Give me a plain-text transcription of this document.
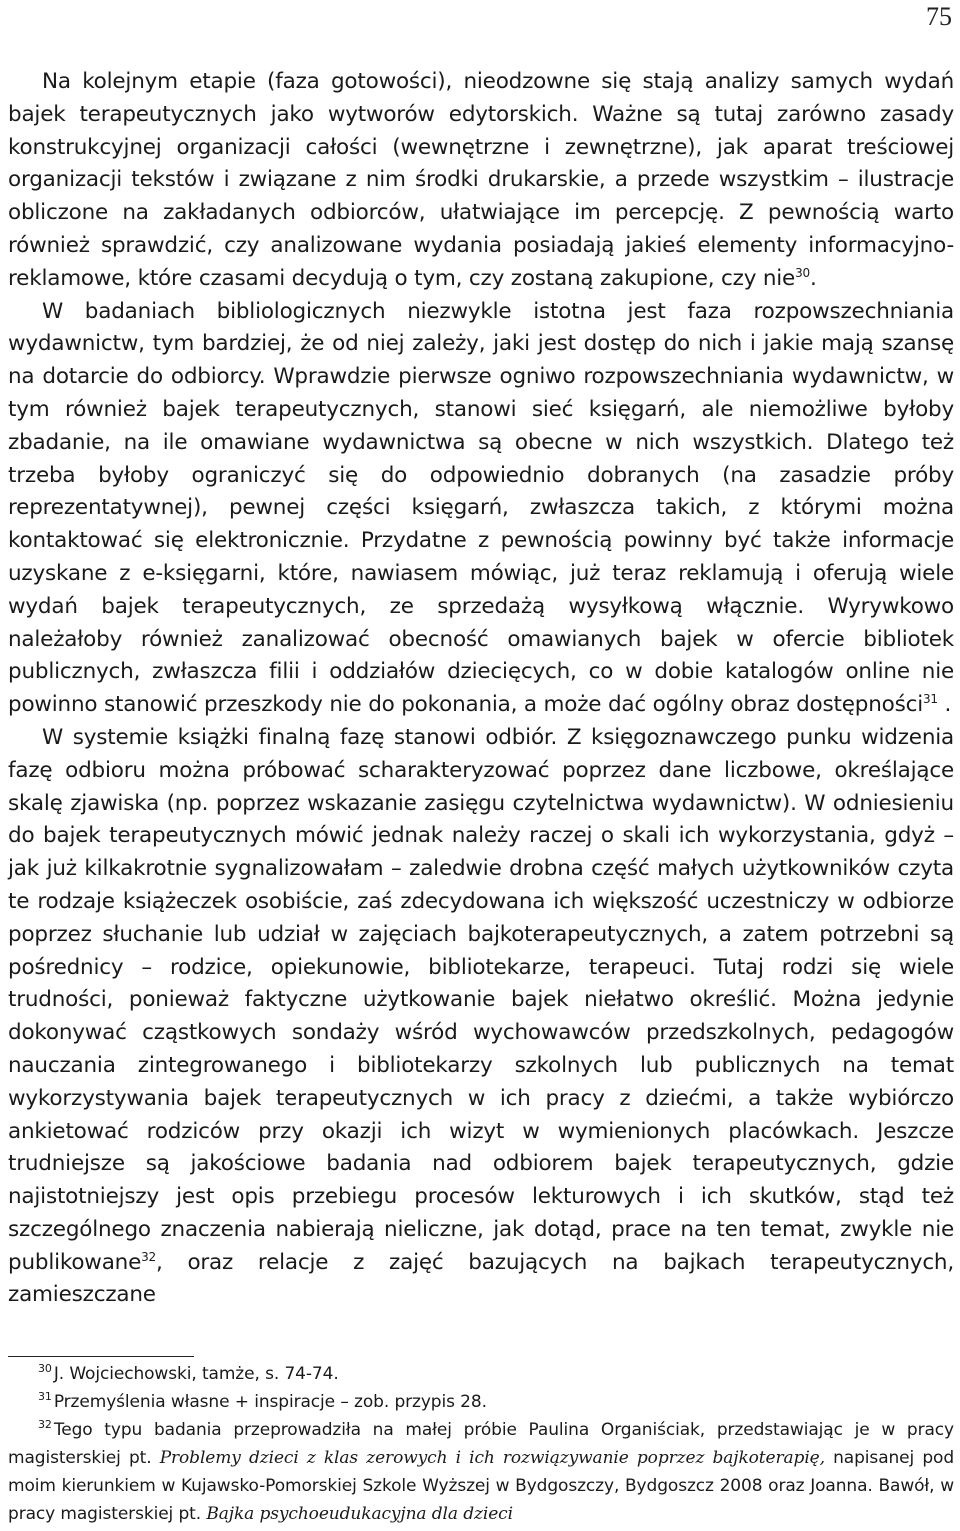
75

Na kolejnym etapie (faza gotowości), nieodzowne się stają analizy samych wydań bajek terapeutycznych jako wytworów edytorskich. Ważne są tutaj zarówno zasady konstrukcyjnej organizacji całości (wewnętrzne i zewnętrzne), jak aparat treściowej organizacji tekstów i związane z nim środki drukarskie, a przede wszystkim – ilustracje obliczone na zakładanych odbiorców, ułatwiające im percepcję. Z pewnością warto również sprawdzić, czy analizowane wydania posiadają jakieś elementy informacyjno-reklamowe, które czasami decydują o tym, czy zostaną zakupione, czy nie$^{30}$.

W badaniach bibliologicznych niezwykle istotna jest faza rozpowszechniania wydawnictw, tym bardziej, że od niej zależy, jaki jest dostęp do nich i jakie mają szansę na dotarcie do odbiorcy. Wprawdzie pierwsze ogniwo rozpowszechniania wydawnictw, w tym również bajek terapeutycznych, stanowi sieć księgarń, ale niemożliwe byłoby zbadanie, na ile omawiane wydawnictwa są obecne w nich wszystkich. Dlatego też trzeba byłoby ograniczyć się do odpowiednio dobranych (na zasadzie próby reprezentatywnej), pewnej części księgarń, zwłaszcza takich, z którymi można kontaktować się elektronicznie. Przydatne z pewnością powinny być także informacje uzyskane z e-księgarni, które, nawiasem mówiąc, już teraz reklamują i oferują wiele wydań bajek terapeutycznych, ze sprzedażą wysyłkową włącznie. Wyrywkowo należałoby również zanalizować obecność omawianych bajek w ofercie bibliotek publicznych, zwłaszcza filii i oddziałów dziecięcych, co w dobie katalogów online nie powinno stanowić przeszkody nie do pokonania, a może dać ogólny obraz dostępności$^{31}$ .

W systemie książki finalną fazę stanowi odbiór. Z księgoznawczego punku widzenia fazę odbioru można próbować scharakteryzować poprzez dane liczbowe, określające skalę zjawiska (np. poprzez wskazanie zasięgu czytelnictwa wydawnictw). W odniesieniu do bajek terapeutycznych mówić jednak należy raczej o skali ich wykorzystania, gdyż – jak już kilkakrotnie sygnalizowałam – zaledwie drobna część małych użytkowników czyta te rodzaje książeczek osobiście, zaś zdecydowana ich większość uczestniczy w odbiorze poprzez słuchanie lub udział w zajęciach bajkoterapeutycznych, a zatem potrzebni są pośrednicy – rodzice, opiekunowie, bibliotekarze, terapeuci. Tutaj rodzi się wiele trudności, ponieważ faktyczne użytkowanie bajek niełatwo określić. Można jedynie dokonywać cząstkowych sondaży wśród wychowawców przedszkolnych, pedagogów nauczania zintegrowanego i bibliotekarzy szkolnych lub publicznych na temat wykorzystywania bajek terapeutycznych w ich pracy z dziećmi, a także wybiórczo ankietować rodziców przy okazji ich wizyt w wymienionych placówkach. Jeszcze trudniejsze są jakościowe badania nad odbiorem bajek terapeutycznych, gdzie najistotniejszy jest opis przebiegu procesów lekturowych i ich skutków, stąd też szczególnego znaczenia nabierają nieliczne, jak dotąd, prace na ten temat, zwykle nie publikowane$^{32}$, oraz relacje z zajęć bazujących na bajkach terapeutycznych, zamieszczane

$^{30}$ J. Wojciechowski, tamże, s. 74-74.

$^{31}$ Przemyślenia własne + inspiracje – zob. przypis 28.

$^{32}$ Tego typu badania przeprowadziła na małej próbie Paulina Organiściak, przedstawiając je w pracy magisterskiej pt. Problemy dzieci z klas zerowych i ich rozwiązywanie poprzez bajkoterapię, napisanej pod moim kierunkiem w Kujawsko-Pomorskiej Szkole Wyższej w Bydgoszczy, Bydgoszcz 2008 oraz Joanna. Bawół, w pracy magisterskiej pt. Bajka psychoeudukacyjna dla dzieci
